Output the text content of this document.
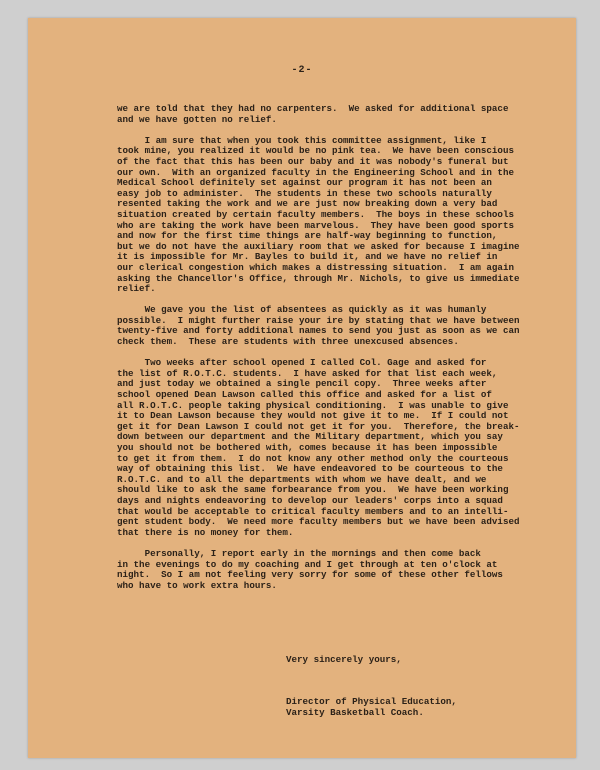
-2-
we are told that they had no carpenters.  We asked for additional space
and we have gotten no relief.
I am sure that when you took this committee assignment, like I
took mine, you realized it would be no pink tea.  We have been conscious
of the fact that this has been our baby and it was nobody's funeral but
our own.  With an organized faculty in the Engineering School and in the
Medical School definitely set against our program it has not been an
easy job to administer.  The students in these two schools naturally
resented taking the work and we are just now breaking down a very bad
situation created by certain faculty members.  The boys in these schools
who are taking the work have been marvelous.  They have been good sports
and now for the first time things are half-way beginning to function,
but we do not have the auxiliary room that we asked for because I imagine
it is impossible for Mr. Bayles to build it, and we have no relief in
our clerical congestion which makes a distressing situation.  I am again
asking the Chancellor's Office, through Mr. Nichols, to give us immediate
relief.
We gave you the list of absentees as quickly as it was humanly
possible.  I might further raise your ire by stating that we have between
twenty-five and forty additional names to send you just as soon as we can
check them.  These are students with three unexcused absences.
Two weeks after school opened I called Col. Gage and asked for
the list of R.O.T.C. students.  I have asked for that list each week,
and just today we obtained a single pencil copy.  Three weeks after
school opened Dean Lawson called this office and asked for a list of
all R.O.T.C. people taking physical conditioning.  I was unable to give
it to Dean Lawson because they would not give it to me.  If I could not
get it for Dean Lawson I could not get it for you.  Therefore, the break-
down between our department and the Military department, which you say
you should not be bothered with, comes because it has been impossible
to get it from them.  I do not know any other method only the courteous
way of obtaining this list.  We have endeavored to be courteous to the
R.O.T.C. and to all the departments with whom we have dealt, and we
should like to ask the same forbearance from you.  We have been working
days and nights endeavoring to develop our leaders' corps into a squad
that would be acceptable to critical faculty members and to an intelli-
gent student body.  We need more faculty members but we have been advised
that there is no money for them.
Personally, I report early in the mornings and then come back
in the evenings to do my coaching and I get through at ten o'clock at
night.  So I am not feeling very sorry for some of these other fellows
who have to work extra hours.
Very sincerely yours,
Director of Physical Education,
Varsity Basketball Coach.
